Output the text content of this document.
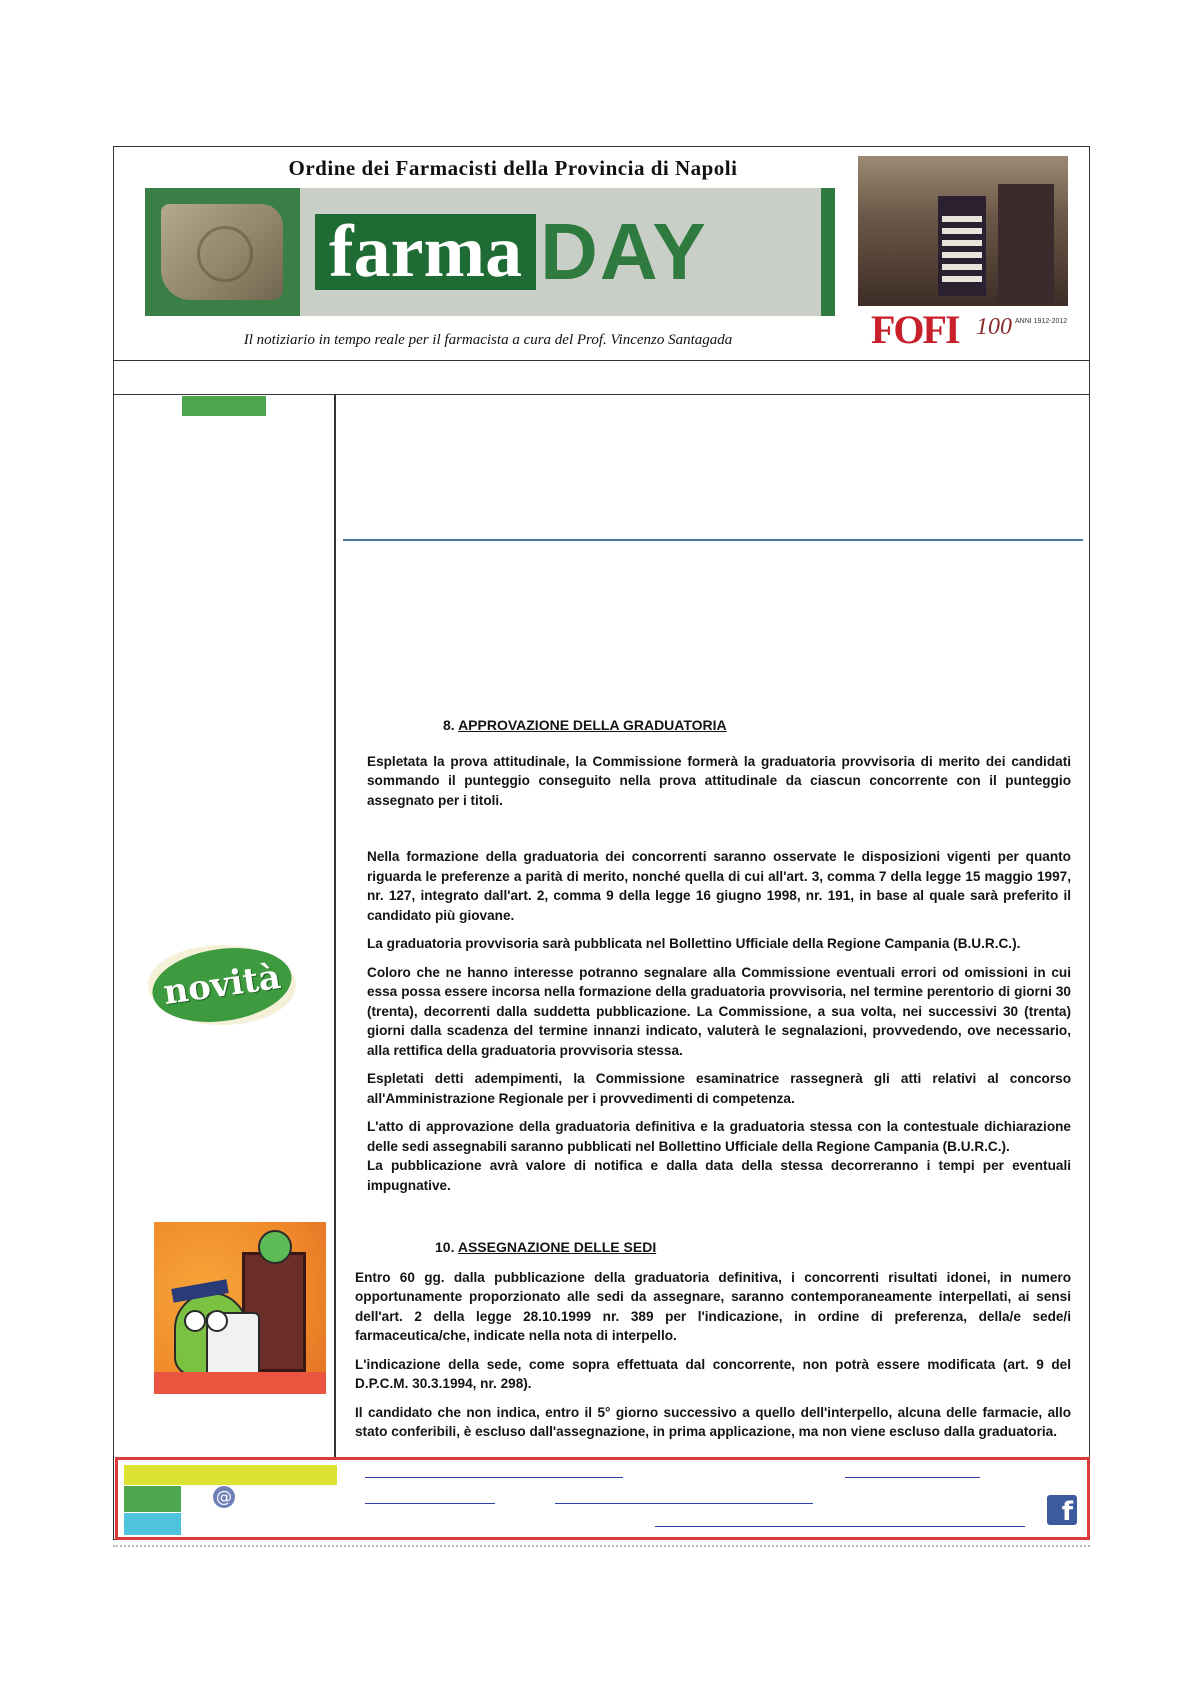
Ordine dei Farmacisti della Provincia di Napoli
farma DAY
Il notiziario in tempo reale per il farmacista a cura del Prof. Vincenzo Santagada	FOFI 100 ANNI 1912-2012
novità
8. APPROVAZIONE DELLA GRADUATORIA

Espletata la prova attitudinale, la Commissione formerà la graduatoria provvisoria di merito dei candidati sommando il punteggio conseguito nella prova attitudinale da ciascun concorrente con il punteggio assegnato per i titoli.

Nella formazione della graduatoria dei concorrenti saranno osservate le disposizioni vigenti per quanto riguarda le preferenze a parità di merito, nonché quella di cui all'art. 3, comma 7 della legge 15 maggio 1997, nr. 127, integrato dall'art. 2, comma 9 della legge 16 giugno 1998, nr. 191, in base al quale sarà preferito il candidato più giovane.

La graduatoria provvisoria sarà pubblicata nel Bollettino Ufficiale della Regione Campania (B.U.R.C.).

Coloro che ne hanno interesse potranno segnalare alla Commissione eventuali errori od omissioni in cui essa possa essere incorsa nella formazione della graduatoria provvisoria, nel termine perentorio di giorni 30 (trenta), decorrenti dalla suddetta pubblicazione. La Commissione, a sua volta, nei successivi 30 (trenta) giorni dalla scadenza del termine innanzi indicato, valuterà le segnalazioni, provvedendo, ove necessario, alla rettifica della graduatoria provvisoria stessa.

Espletati detti adempimenti, la Commissione esaminatrice rassegnerà gli atti relativi al concorso all'Amministrazione Regionale per i provvedimenti di competenza.

L'atto di approvazione della graduatoria definitiva e la graduatoria stessa con la contestuale dichiarazione delle sedi assegnabili saranno pubblicati nel Bollettino Ufficiale della Regione Campania (B.U.R.C.).

La pubblicazione avrà valore di notifica e dalla data della stessa decorreranno i tempi per eventuali impugnative.

10. ASSEGNAZIONE DELLE SEDI

Entro 60 gg. dalla pubblicazione della graduatoria definitiva, i concorrenti risultati idonei, in numero opportunamente proporzionato alle sedi da assegnare, saranno contemporaneamente interpellati, ai sensi dell'art. 2 della legge 28.10.1999 nr. 389 per l'indicazione, in ordine di preferenza, della/e sede/i farmaceutica/che, indicate nella nota di interpello.

L'indicazione della sede, come sopra effettuata dal concorrente, non potrà essere modificata (art. 9 del D.P.C.M. 30.3.1994, nr. 298).

Il candidato che non indica, entro il 5° giorno successivo a quello dell'interpello, alcuna delle farmacie, allo stato conferibili, è escluso dall'assegnazione, in prima applicazione, ma non viene escluso dalla graduatoria.

@
f
